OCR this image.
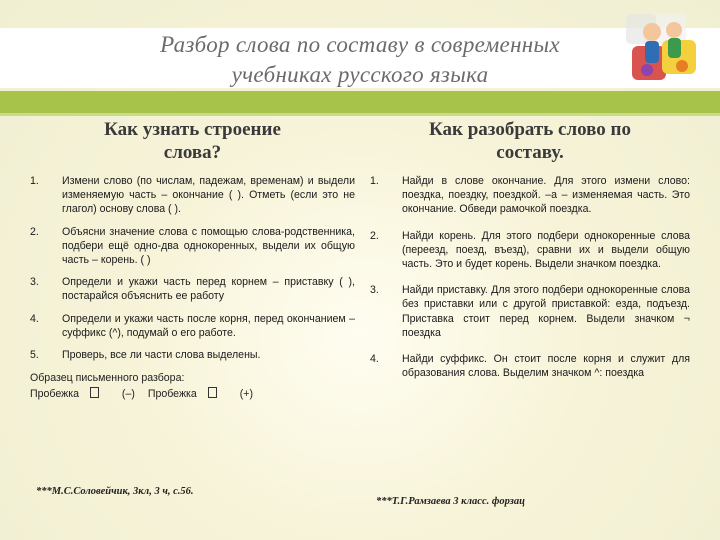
Разбор слова по составу в современных
учебниках русского языка
Как узнать строение
слова?
1. Измени слово (по числам, падежам, временам) и выдели изменяемую часть – окончание ( ). Отметь (если это не глагол) основу слова ( ).
2. Объясни значение слова с помощью слова-родственника, подбери ещё одно-два однокоренных, выдели их общую часть – корень. ( )
3. Определи и укажи часть перед корнем – приставку ( ), постарайся объяснить ее работу
4. Определи и укажи часть после корня, перед окончанием – суффикс (^), подумай о его работе.
5. Проверь, все ли части слова выделены.
Образец письменного разбора:
Пробежка	(–) Пробежка	(+)
Как разобрать слово по
составу.
1. Найди в слове окончание. Для этого измени слово: поездка, поездку, поездкой. –а – изменяемая часть. Это окончание. Обведи рамочкой поездка.
2. Найди корень. Для этого подбери однокоренные слова (переезд, поезд, въезд), сравни их и выдели общую часть. Это и будет корень. Выдели значком поездка.
3. Найди приставку. Для этого подбери однокоренные слова без приставки или с другой приставкой: езда, подъезд. Приставка стоит перед корнем. Выдели значком ¬ поездка
4. Найди суффикс. Он стоит после корня и служит для образования слова. Выделим значком ^: поездка
***М.С.Соловейчик, 3кл, 3 ч, с.56.
***Т.Г.Рамзаева 3 класс. форзац
